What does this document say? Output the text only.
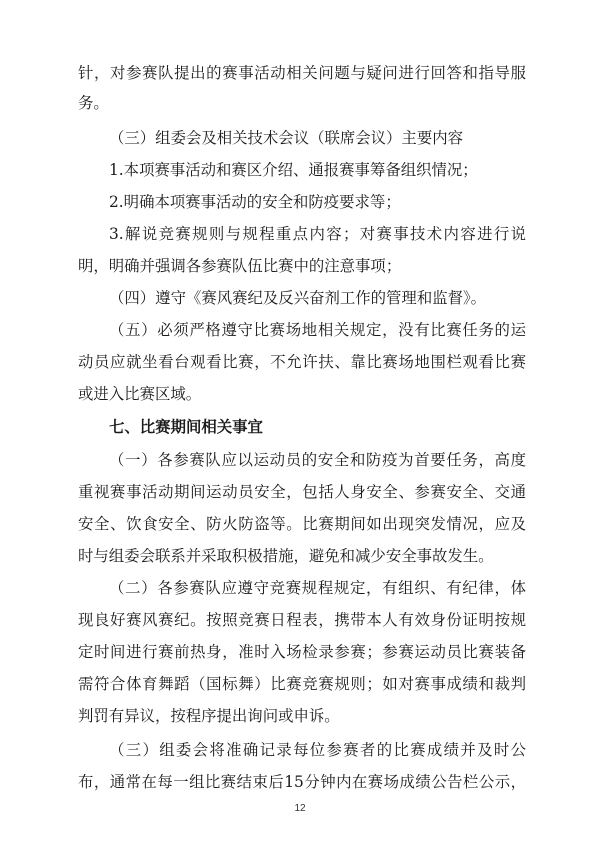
针，对参赛队提出的赛事活动相关问题与疑问进行回答和指导服
务。
（三）组委会及相关技术会议（联席会议）主要内容
1.本项赛事活动和赛区介绍、通报赛事筹备组织情况；
2.明确本项赛事活动的安全和防疫要求等；
3.解说竞赛规则与规程重点内容；对赛事技术内容进行说
明，明确并强调各参赛队伍比赛中的注意事项；
（四）遵守《赛风赛纪及反兴奋剂工作的管理和监督》。
（五）必须严格遵守比赛场地相关规定，没有比赛任务的运
动员应就坐看台观看比赛，不允许扶、靠比赛场地围栏观看比赛
或进入比赛区域。
七、比赛期间相关事宜
（一）各参赛队应以运动员的安全和防疫为首要任务，高度
重视赛事活动期间运动员安全，包括人身安全、参赛安全、交通
安全、饮食安全、防火防盗等。比赛期间如出现突发情况，应及
时与组委会联系并采取积极措施，避免和减少安全事故发生。
（二）各参赛队应遵守竞赛规程规定，有组织、有纪律，体
现良好赛风赛纪。按照竞赛日程表，携带本人有效身份证明按规
定时间进行赛前热身，准时入场检录参赛；参赛运动员比赛装备
需符合体育舞蹈（国标舞）比赛竞赛规则；如对赛事成绩和裁判
判罚有异议，按程序提出询问或申诉。
（三）组委会将准确记录每位参赛者的比赛成绩并及时公
布，通常在每一组比赛结束后15分钟内在赛场成绩公告栏公示，
12
